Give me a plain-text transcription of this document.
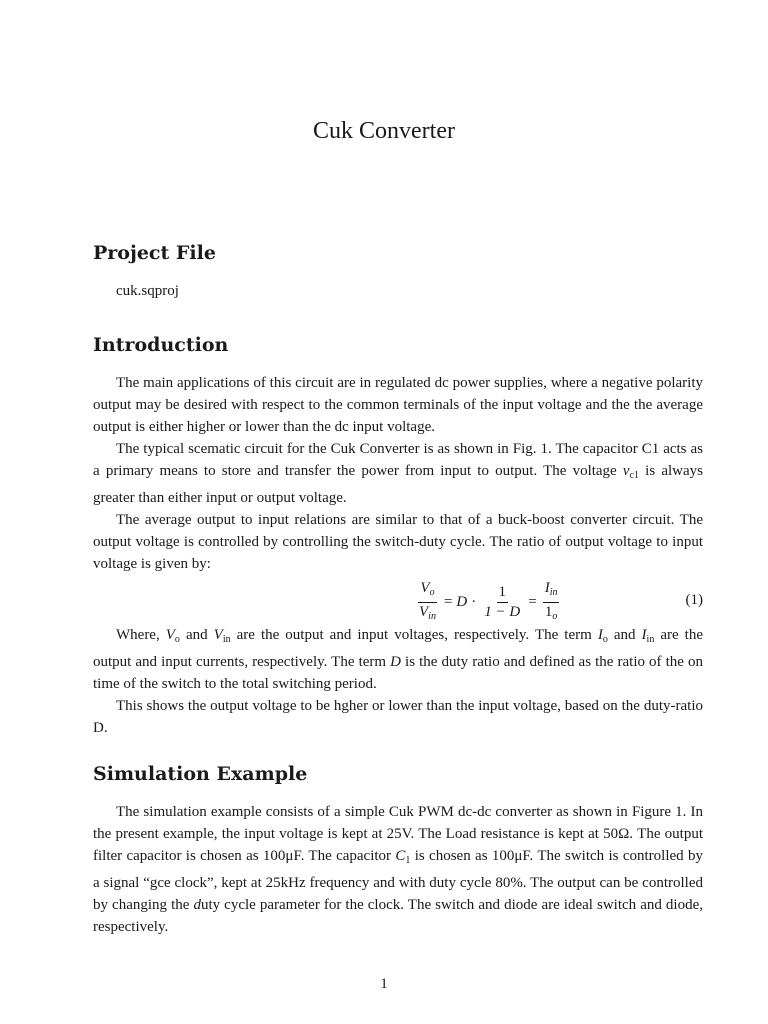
Cuk Converter
Project File
cuk.sqproj
Introduction

The main applications of this circuit are in regulated dc power supplies, where a negative polarity output may be desired with respect to the common terminals of the input voltage and the the average output is either higher or lower than the dc input voltage.

The typical scematic circuit for the Cuk Converter is as shown in Fig. 1. The capacitor C1 acts as a primary means to store and transfer the power from input to output. The voltage $v_{c1}$ is always greater than either input or output voltage.

The average output to input relations are similar to that of a buck-boost converter circuit. The output voltage is controlled by controlling the switch-duty cycle. The ratio of output voltage to input voltage is given by:

$\frac{V_o}{V_{in}} = D \cdot \frac{1}{1 - D} = \frac{I_{in}}{1_o}$	(1)

Where, $V_o$ and $V_{in}$ are the output and input voltages, respectively. The term $I_o$ and $I_{in}$ are the output and input currents, respectively. The term D is the duty ratio and defined as the ratio of the on time of the switch to the total switching period.

This shows the output voltage to be hgher or lower than the input voltage, based on the duty-ratio D.

Simulation Example

The simulation example consists of a simple Cuk PWM dc-dc converter as shown in Figure 1. In the present example, the input voltage is kept at 25V. The Load resistance is kept at 50Ω. The output filter capacitor is chosen as 100μF. The capacitor $C_1$ is chosen as 100μF. The switch is controlled by a signal “gce clock”, kept at 25kHz frequency and with duty cycle 80%. The output can be controlled by changing the duty cycle parameter for the clock. The switch and diode are ideal switch and diode, respectively.

1
